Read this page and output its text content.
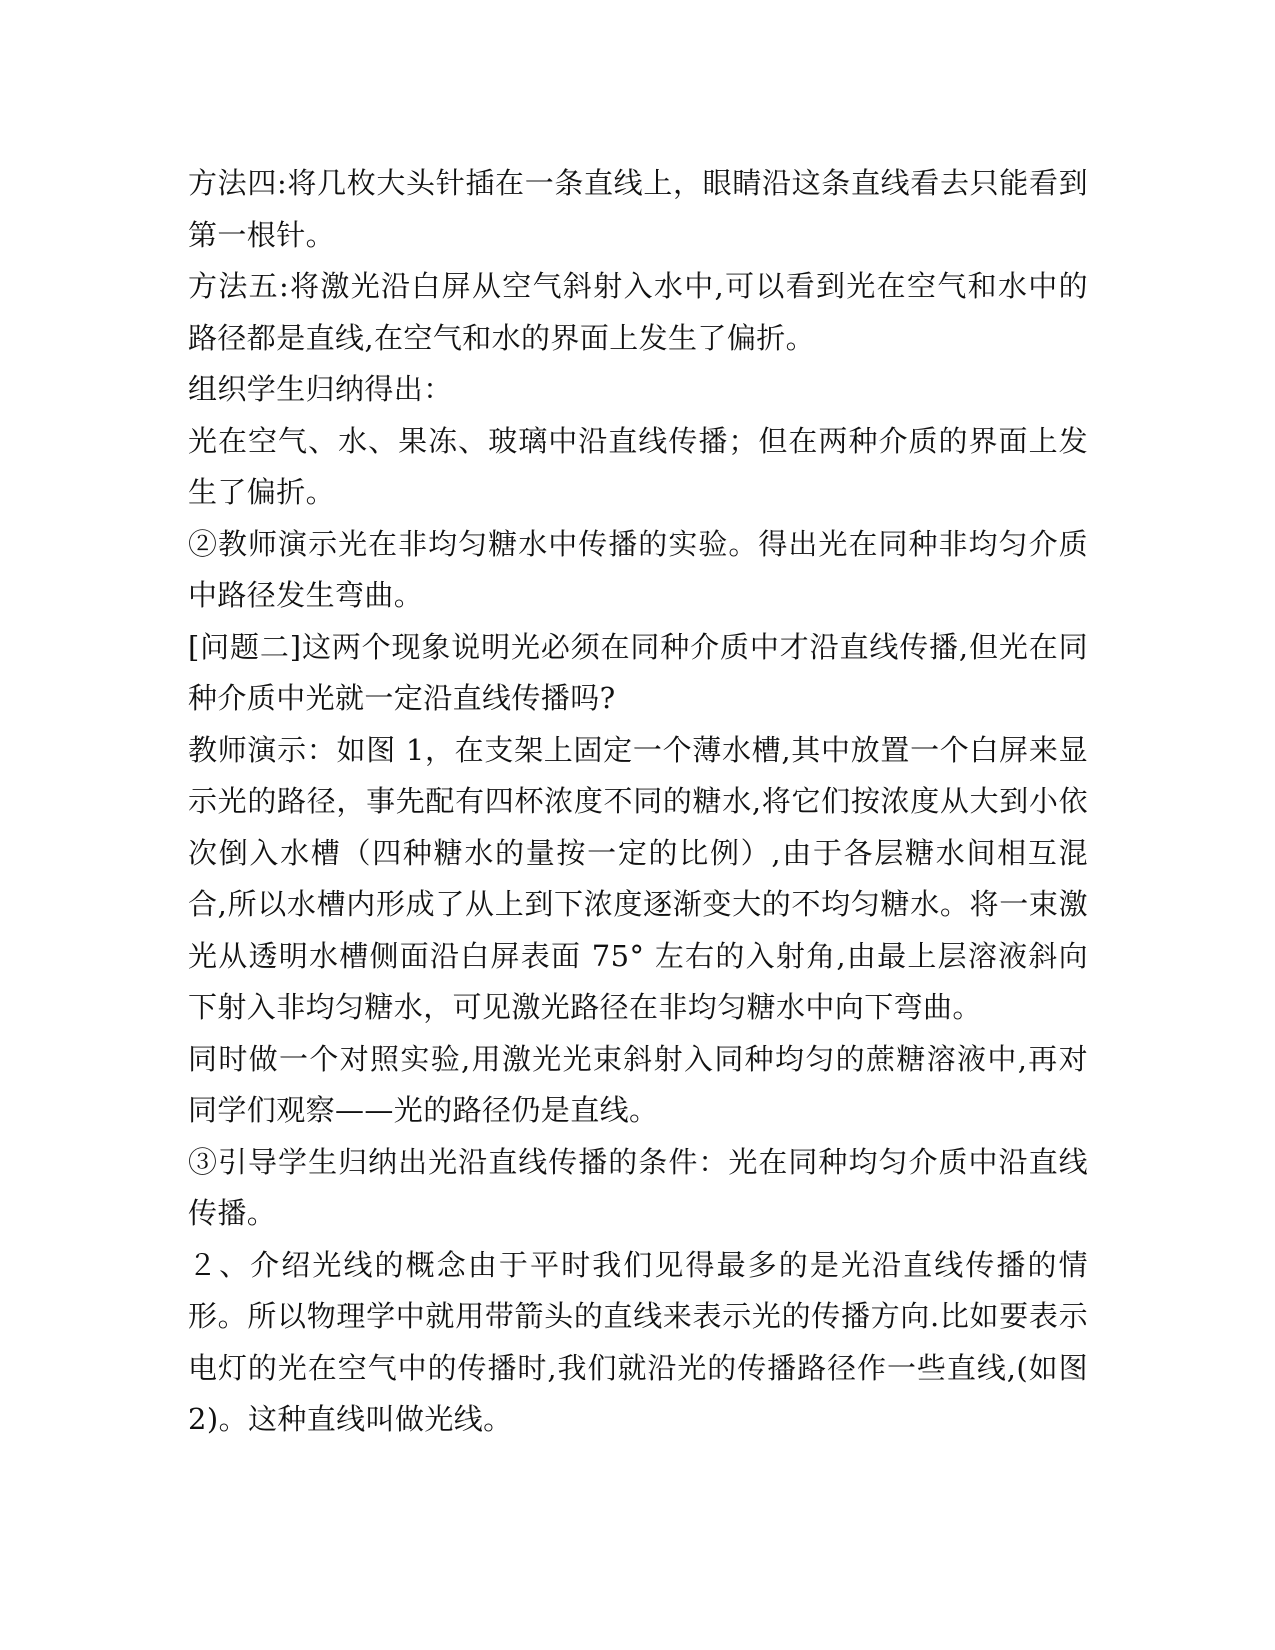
方法四:将几枚大头针插在一条直线上，眼睛沿这条直线看去只能看到第一根针。

方法五:将激光沿白屏从空气斜射入水中,可以看到光在空气和水中的路径都是直线,在空气和水的界面上发生了偏折。

组织学生归纳得出：

光在空气、水、果冻、玻璃中沿直线传播；但在两种介质的界面上发生了偏折。

②教师演示光在非均匀糖水中传播的实验。得出光在同种非均匀介质中路径发生弯曲。

[问题二]这两个现象说明光必须在同种介质中才沿直线传播,但光在同种介质中光就一定沿直线传播吗?

教师演示：如图 1，在支架上固定一个薄水槽,其中放置一个白屏来显示光的路径，事先配有四杯浓度不同的糖水,将它们按浓度从大到小依次倒入水槽（四种糖水的量按一定的比例）,由于各层糖水间相互混合,所以水槽内形成了从上到下浓度逐渐变大的不均匀糖水。将一束激光从透明水槽侧面沿白屏表面 75° 左右的入射角,由最上层溶液斜向下射入非均匀糖水，可见激光路径在非均匀糖水中向下弯曲。

同时做一个对照实验,用激光光束斜射入同种均匀的蔗糖溶液中,再对同学们观察——光的路径仍是直线。

③引导学生归纳出光沿直线传播的条件：光在同种均匀介质中沿直线传播。

２、介绍光线的概念由于平时我们见得最多的是光沿直线传播的情形。所以物理学中就用带箭头的直线来表示光的传播方向.比如要表示电灯的光在空气中的传播时,我们就沿光的传播路径作一些直线,(如图 2)。这种直线叫做光线。
